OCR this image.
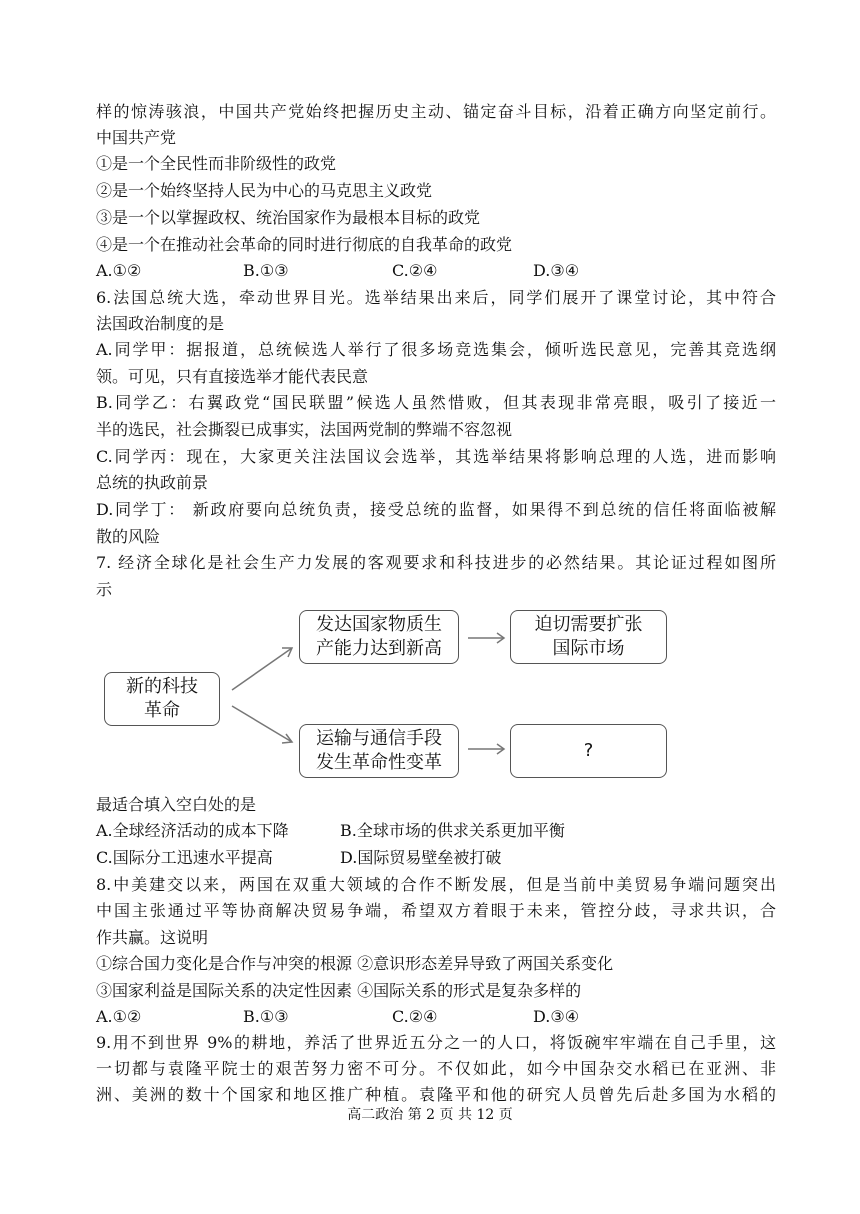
样的惊涛骇浪，中国共产党始终把握历史主动、锚定奋斗目标，沿着正确方向坚定前行。
中国共产党
①是一个全民性而非阶级性的政党
②是一个始终坚持人民为中心的马克思主义政党
③是一个以掌握政权、统治国家作为最根本目标的政党
④是一个在推动社会革命的同时进行彻底的自我革命的政党
A.①②	B.①③	C.②④	D.③④
6.法国总统大选，牵动世界目光。选举结果出来后，同学们展开了课堂讨论，其中符合
法国政治制度的是
A.同学甲：据报道，总统候选人举行了很多场竞选集会，倾听选民意见，完善其竞选纲
领。可见，只有直接选举才能代表民意
B.同学乙：右翼政党“国民联盟”候选人虽然惜败，但其表现非常亮眼，吸引了接近一
半的选民，社会撕裂已成事实，法国两党制的弊端不容忽视
C.同学丙：现在，大家更关注法国议会选举，其选举结果将影响总理的人选，进而影响
总统的执政前景
D.同学丁： 新政府要向总统负责，接受总统的监督，如果得不到总统的信任将面临被解
散的风险
7. 经济全球化是社会生产力发展的客观要求和科技进步的必然结果。其论证过程如图所
示
新的科技
革命
发达国家物质生
产能力达到新高
迫切需要扩张
国际市场
运输与通信手段
发生革命性变革
?
最适合填入空白处的是
A.全球经济活动的成本下降	B.全球市场的供求关系更加平衡
C.国际分工迅速水平提高	D.国际贸易壁垒被打破
8.中美建交以来，两国在双重大领域的合作不断发展，但是当前中美贸易争端问题突出
中国主张通过平等协商解决贸易争端，希望双方着眼于未来，管控分歧，寻求共识，合
作共赢。这说明
①综合国力变化是合作与冲突的根源 ②意识形态差异导致了两国关系变化
③国家利益是国际关系的决定性因素 ④国际关系的形式是复杂多样的
A.①②	B.①③	C.②④	D.③④
9.用不到世界 9%的耕地，养活了世界近五分之一的人口，将饭碗牢牢端在自己手里，这
一切都与袁隆平院士的艰苦努力密不可分。不仅如此，如今中国杂交水稻已在亚洲、非
洲、美洲的数十个国家和地区推广种植。袁隆平和他的研究人员曾先后赴多国为水稻的
高二政治 第 2 页 共 12 页
